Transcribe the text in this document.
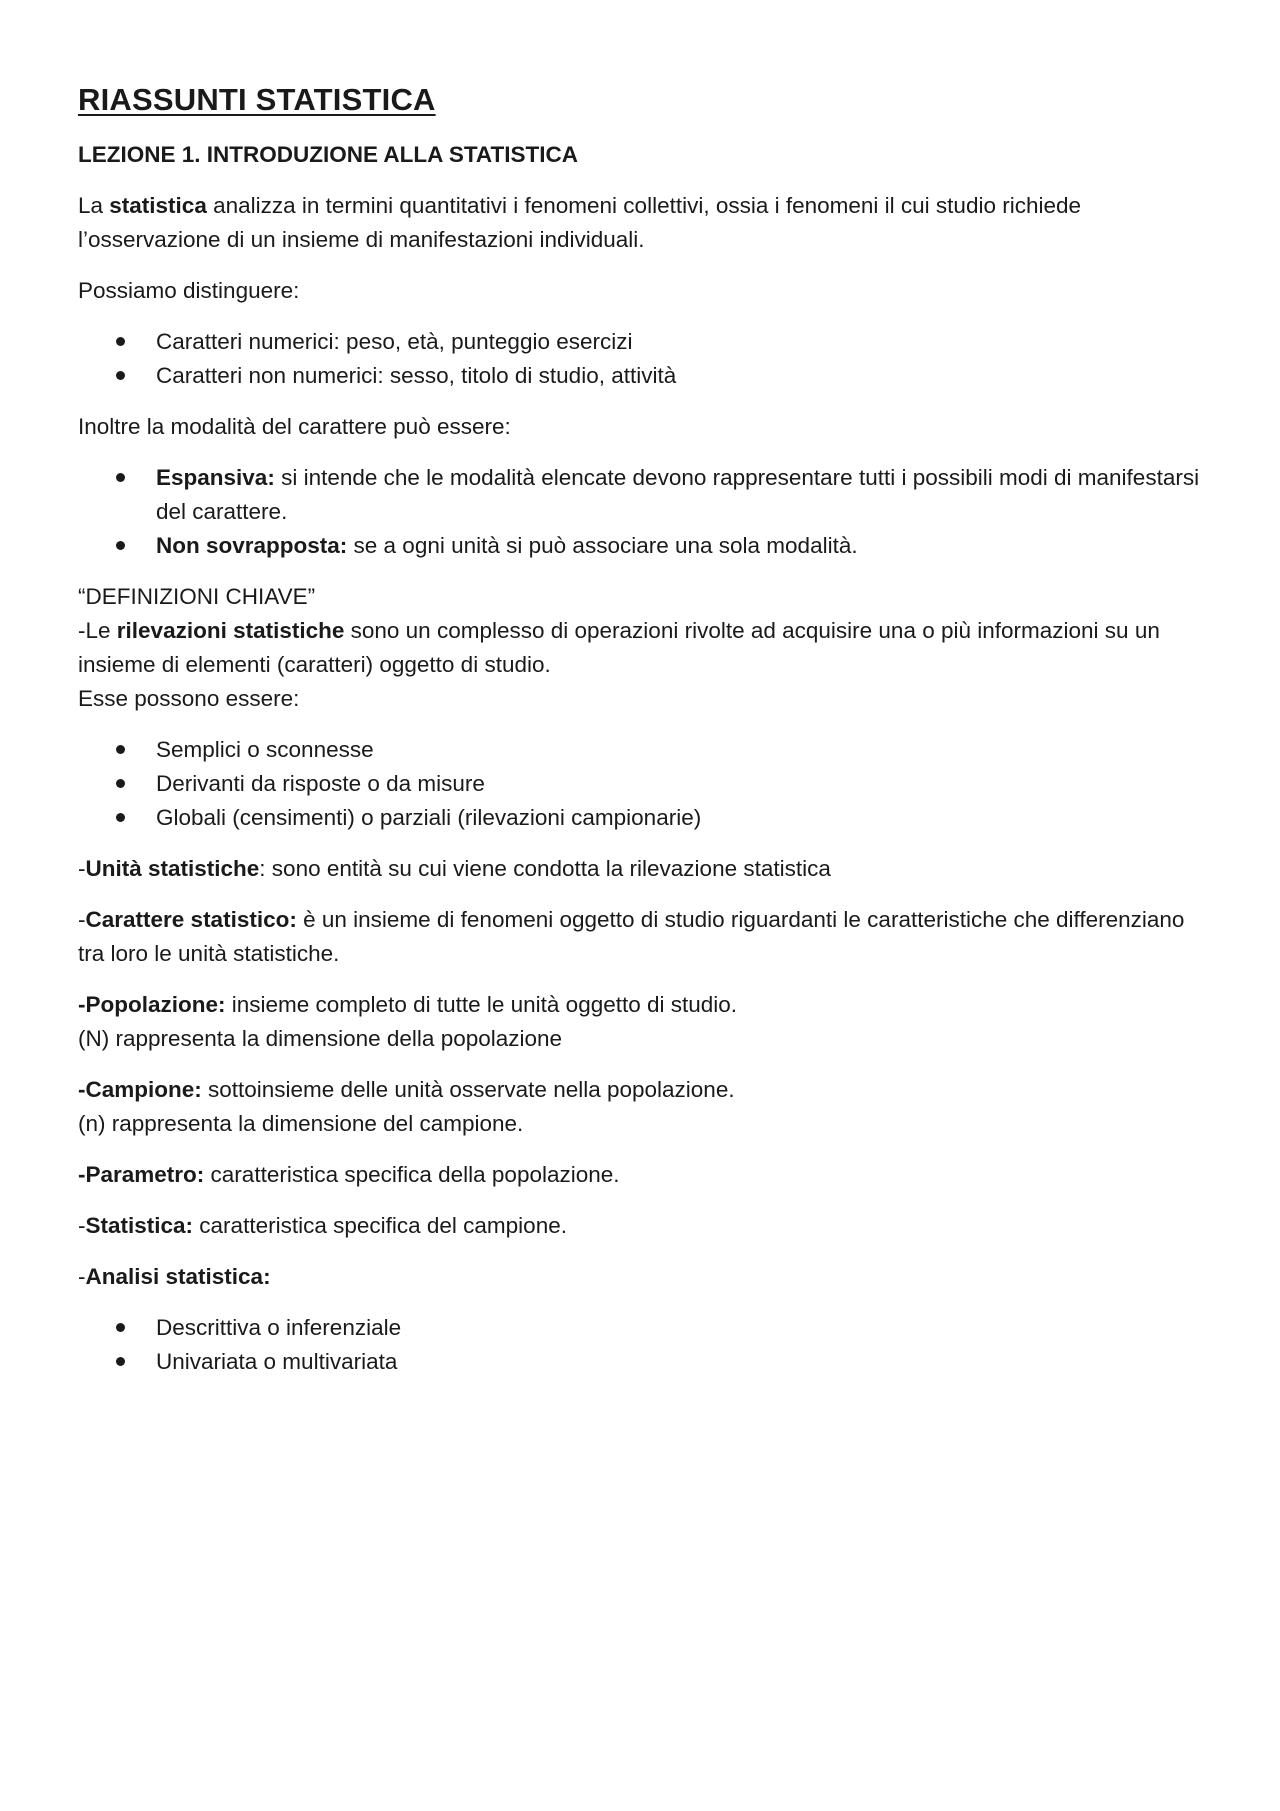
RIASSUNTI STATISTICA
LEZIONE 1. INTRODUZIONE ALLA STATISTICA

La statistica analizza in termini quantitativi i fenomeni collettivi, ossia i fenomeni il cui studio richiede l’osservazione di un insieme di manifestazioni individuali.

Possiamo distinguere:

Caratteri numerici: peso, età, punteggio esercizi
Caratteri non numerici: sesso, titolo di studio, attività

Inoltre la modalità del carattere può essere:

Espansiva: si intende che le modalità elencate devono rappresentare tutti i possibili modi di manifestarsi del carattere.
Non sovrapposta: se a ogni unità si può associare una sola modalità.

“DEFINIZIONI CHIAVE”

-Le rilevazioni statistiche sono un complesso di operazioni rivolte ad acquisire una o più informazioni su un insieme di elementi (caratteri) oggetto di studio.

Esse possono essere:

Semplici o sconnesse
Derivanti da risposte o da misure
Globali (censimenti) o parziali (rilevazioni campionarie)

-Unità statistiche: sono entità su cui viene condotta la rilevazione statistica

-Carattere statistico: è un insieme di fenomeni oggetto di studio riguardanti le caratteristiche che differenziano tra loro le unità statistiche.

-Popolazione: insieme completo di tutte le unità oggetto di studio.
(N) rappresenta la dimensione della popolazione

-Campione: sottoinsieme delle unità osservate nella popolazione.
(n) rappresenta la dimensione del campione.

-Parametro: caratteristica specifica della popolazione.

-Statistica: caratteristica specifica del campione.

-Analisi statistica:

Descrittiva o inferenziale
Univariata o multivariata
